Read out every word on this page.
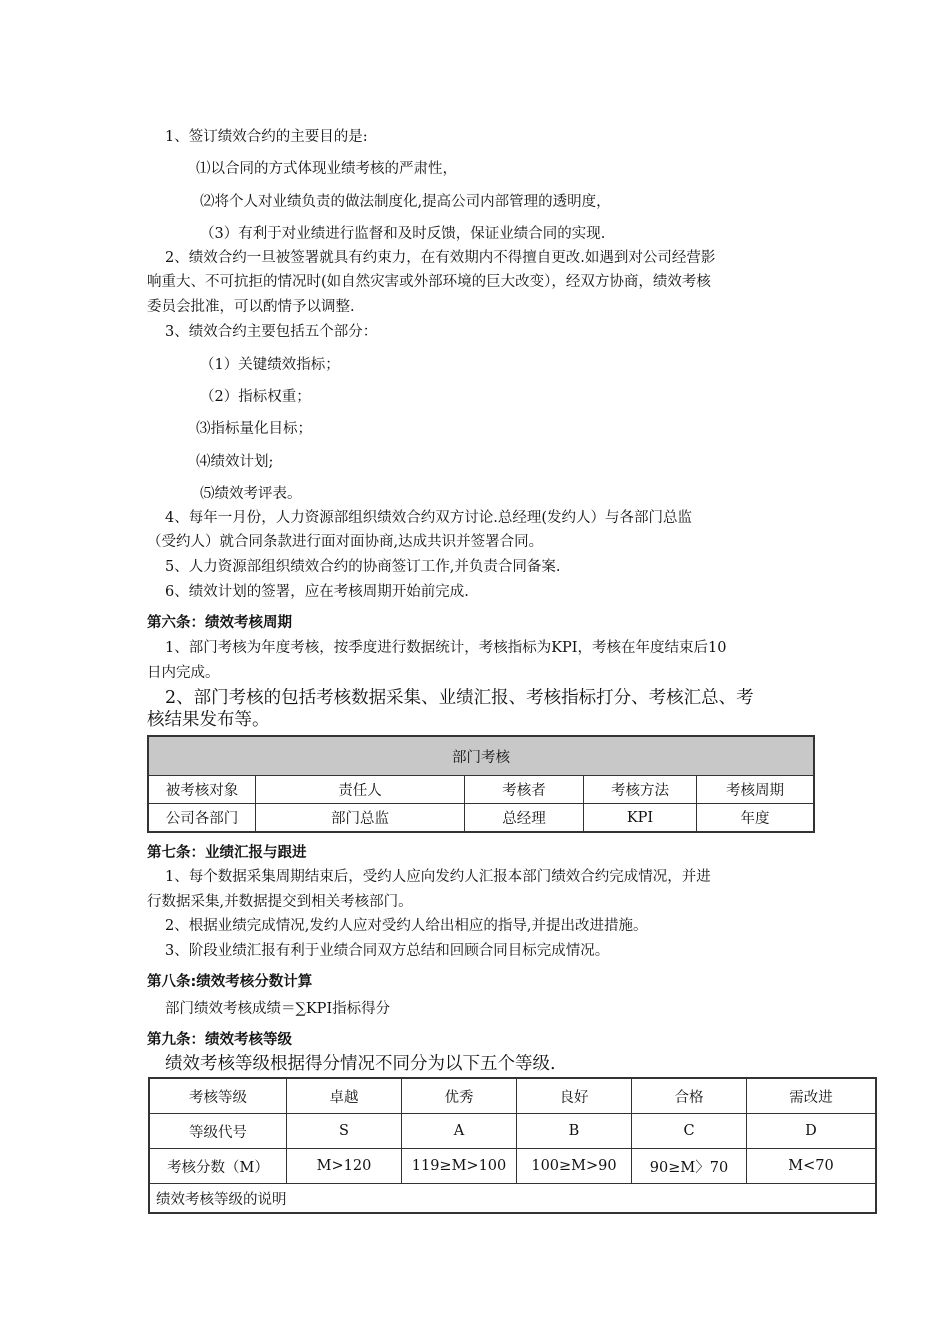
1、签订绩效合约的主要目的是:
⑴以合同的方式体现业绩考核的严肃性，
⑵将个人对业绩负责的做法制度化,提高公司内部管理的透明度，
（3）有利于对业绩进行监督和及时反馈，保证业绩合同的实现.
2、绩效合约一旦被签署就具有约束力，在有效期内不得擅自更改.如遇到对公司经营影
响重大、不可抗拒的情况时(如自然灾害或外部环境的巨大改变），经双方协商，绩效考核
委员会批准，可以酌情予以调整.
3、绩效合约主要包括五个部分：
（1）关键绩效指标；
（2）指标权重；
⑶指标量化目标；
⑷绩效计划;
⑸绩效考评表。
4、每年一月份，人力资源部组织绩效合约双方讨论.总经理(发约人）与各部门总监
（受约人）就合同条款进行面对面协商,达成共识并签署合同。
5、人力资源部组织绩效合约的协商签订工作,并负责合同备案.
6、绩效计划的签署，应在考核周期开始前完成.
第六条：绩效考核周期
1、部门考核为年度考核，按季度进行数据统计，考核指标为KPI，考核在年度结束后10
日内完成。
2、部门考核的包括考核数据采集、业绩汇报、考核指标打分、考核汇总、考
核结果发布等。
部门考核				
被考核对象	责任人	考核者	考核方法	考核周期
公司各部门	部门总监	总经理	KPI	年度
第七条：业绩汇报与跟进
1、每个数据采集周期结束后，受约人应向发约人汇报本部门绩效合约完成情况，并进
行数据采集,并数据提交到相关考核部门。
2、根据业绩完成情况,发约人应对受约人给出相应的指导,并提出改进措施。
3、阶段业绩汇报有利于业绩合同双方总结和回顾合同目标完成情况。
第八条:绩效考核分数计算
部门绩效考核成绩＝∑KPI指标得分
第九条：绩效考核等级
绩效考核等级根据得分情况不同分为以下五个等级.
考核等级	卓越	优秀	良好	合格	需改进
等级代号	S	A	B	C	D
考核分数（M）	M>120	119≥M>100	100≥M>90	90≥M〉70	M<70
绩效考核等级的说明					
